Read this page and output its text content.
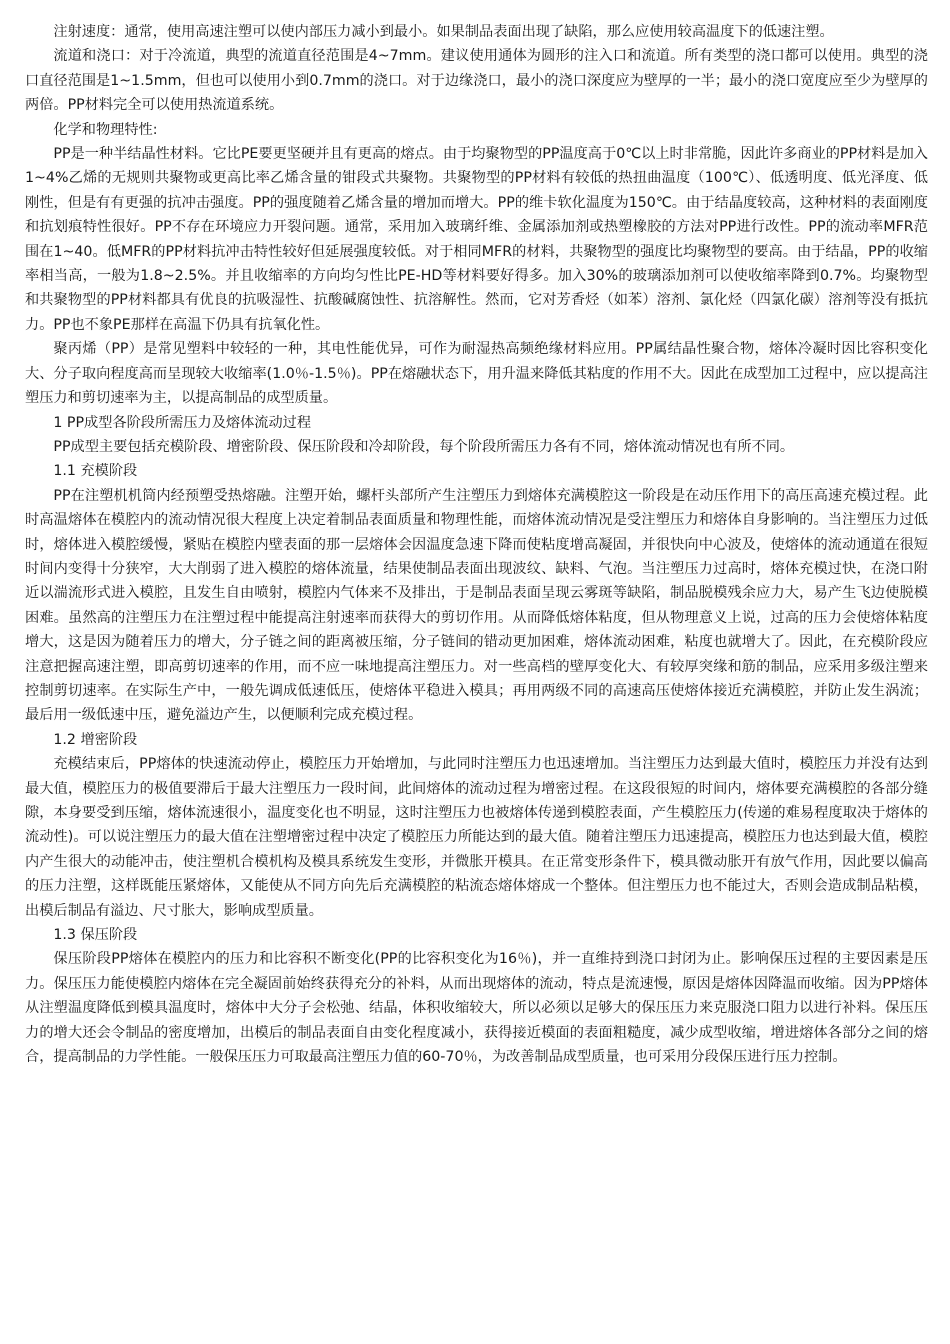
注射速度：通常，使用高速注塑可以使内部压力减小到最小。如果制品表面出现了缺陷，那么应使用较高温度下的低速注塑。

流道和浇口：对于冷流道，典型的流道直径范围是4~7mm。建议使用通体为圆形的注入口和流道。所有类型的浇口都可以使用。典型的浇口直径范围是1~1.5mm，但也可以使用小到0.7mm的浇口。对于边缘浇口，最小的浇口深度应为壁厚的一半；最小的浇口宽度应至少为壁厚的两倍。PP材料完全可以使用热流道系统。

化学和物理特性:

PP是一种半结晶性材料。它比PE要更坚硬并且有更高的熔点。由于均聚物型的PP温度高于0℃以上时非常脆，因此许多商业的PP材料是加入1~4%乙烯的无规则共聚物或更高比率乙烯含量的钳段式共聚物。共聚物型的PP材料有较低的热扭曲温度（100℃）、低透明度、低光泽度、低刚性，但是有有更强的抗冲击强度。PP的强度随着乙烯含量的增加而增大。PP的维卡软化温度为150℃。由于结晶度较高，这种材料的表面刚度和抗划痕特性很好。PP不存在环境应力开裂问题。通常，采用加入玻璃纤维、金属添加剂或热塑橡胶的方法对PP进行改性。PP的流动率MFR范围在1~40。低MFR的PP材料抗冲击特性较好但延展强度较低。对于相同MFR的材料，共聚物型的强度比均聚物型的要高。由于结晶，PP的收缩率相当高，一般为1.8~2.5%。并且收缩率的方向均匀性比PE-HD等材料要好得多。加入30%的玻璃添加剂可以使收缩率降到0.7%。均聚物型和共聚物型的PP材料都具有优良的抗吸湿性、抗酸碱腐蚀性、抗溶解性。然而，它对芳香烃（如苯）溶剂、氯化烃（四氯化碳）溶剂等没有抵抗力。PP也不象PE那样在高温下仍具有抗氧化性。

聚丙烯（PP）是常见塑料中较轻的一种，其电性能优异，可作为耐湿热高频绝缘材料应用。PP属结晶性聚合物，熔体冷凝时因比容积变化大、分子取向程度高而呈现较大收缩率(1.0％-1.5％)。PP在熔融状态下，用升温来降低其粘度的作用不大。因此在成型加工过程中，应以提高注塑压力和剪切速率为主，以提高制品的成型质量。

1 PP成型各阶段所需压力及熔体流动过程

PP成型主要包括充模阶段、增密阶段、保压阶段和冷却阶段，每个阶段所需压力各有不同，熔体流动情况也有所不同。

1.1 充模阶段

PP在注塑机机筒内经预塑受热熔融。注塑开始，螺杆头部所产生注塑压力到熔体充满模腔这一阶段是在动压作用下的高压高速充模过程。此时高温熔体在模腔内的流动情况很大程度上决定着制品表面质量和物理性能，而熔体流动情况是受注塑压力和熔体自身影响的。当注塑压力过低时，熔体进入模腔缓慢，紧贴在模腔内壁表面的那一层熔体会因温度急速下降而使粘度增高凝固，并很快向中心波及，使熔体的流动通道在很短时间内变得十分狭窄，大大削弱了进入模腔的熔体流量，结果使制品表面出现波纹、缺料、气泡。当注塑压力过高时，熔体充模过快，在浇口附近以湍流形式进入模腔，且发生自由喷射，模腔内气体来不及排出，于是制品表面呈现云雾斑等缺陷，制品脱模残余应力大，易产生飞边使脱模困难。虽然高的注塑压力在注塑过程中能提高注射速率而获得大的剪切作用。从而降低熔体粘度，但从物理意义上说，过高的压力会使熔体粘度增大，这是因为随着压力的增大，分子链之间的距离被压缩，分子链间的错动更加困难，熔体流动困难，粘度也就增大了。因此，在充模阶段应注意把握高速注塑，即高剪切速率的作用，而不应一味地提高注塑压力。对一些高档的壁厚变化大、有较厚突缘和筋的制品，应采用多级注塑来控制剪切速率。在实际生产中，一般先调成低速低压，使熔体平稳进入模具；再用两级不同的高速高压使熔体接近充满模腔，并防止发生涡流；最后用一级低速中压，避免溢边产生，以便顺利完成充模过程。

1.2 增密阶段

充模结束后，PP熔体的快速流动停止，模腔压力开始增加，与此同时注塑压力也迅速增加。当注塑压力达到最大值时，模腔压力并没有达到最大值，模腔压力的极值要滞后于最大注塑压力一段时间，此间熔体的流动过程为增密过程。在这段很短的时间内，熔体要充满模腔的各部分缝隙，本身要受到压缩，熔体流速很小，温度变化也不明显，这时注塑压力也被熔体传递到模腔表面，产生模腔压力(传递的难易程度取决于熔体的流动性)。可以说注塑压力的最大值在注塑增密过程中决定了模腔压力所能达到的最大值。随着注塑压力迅速提高，模腔压力也达到最大值，模腔内产生很大的动能冲击，使注塑机合模机构及模具系统发生变形，并微胀开模具。在正常变形条件下，模具微动胀开有放气作用，因此要以偏高的压力注塑，这样既能压紧熔体，又能使从不同方向先后充满模腔的粘流态熔体熔成一个整体。但注塑压力也不能过大，否则会造成制品粘模，出模后制品有溢边、尺寸胀大，影响成型质量。

1.3 保压阶段

保压阶段PP熔体在模腔内的压力和比容积不断变化(PP的比容积变化为16％)，并一直维持到浇口封闭为止。影响保压过程的主要因素是压力。保压压力能使模腔内熔体在完全凝固前始终获得充分的补料，从而出现熔体的流动，特点是流速慢，原因是熔体因降温而收缩。因为PP熔体从注塑温度降低到模具温度时，熔体中大分子会松弛、结晶，体积收缩较大，所以必须以足够大的保压压力来克服浇口阻力以进行补料。保压压力的增大还会令制品的密度增加，出模后的制品表面自由变化程度减小，获得接近模面的表面粗糙度，减少成型收缩，增进熔体各部分之间的熔合，提高制品的力学性能。一般保压压力可取最高注塑压力值的60-70％，为改善制品成型质量，也可采用分段保压进行压力控制。
